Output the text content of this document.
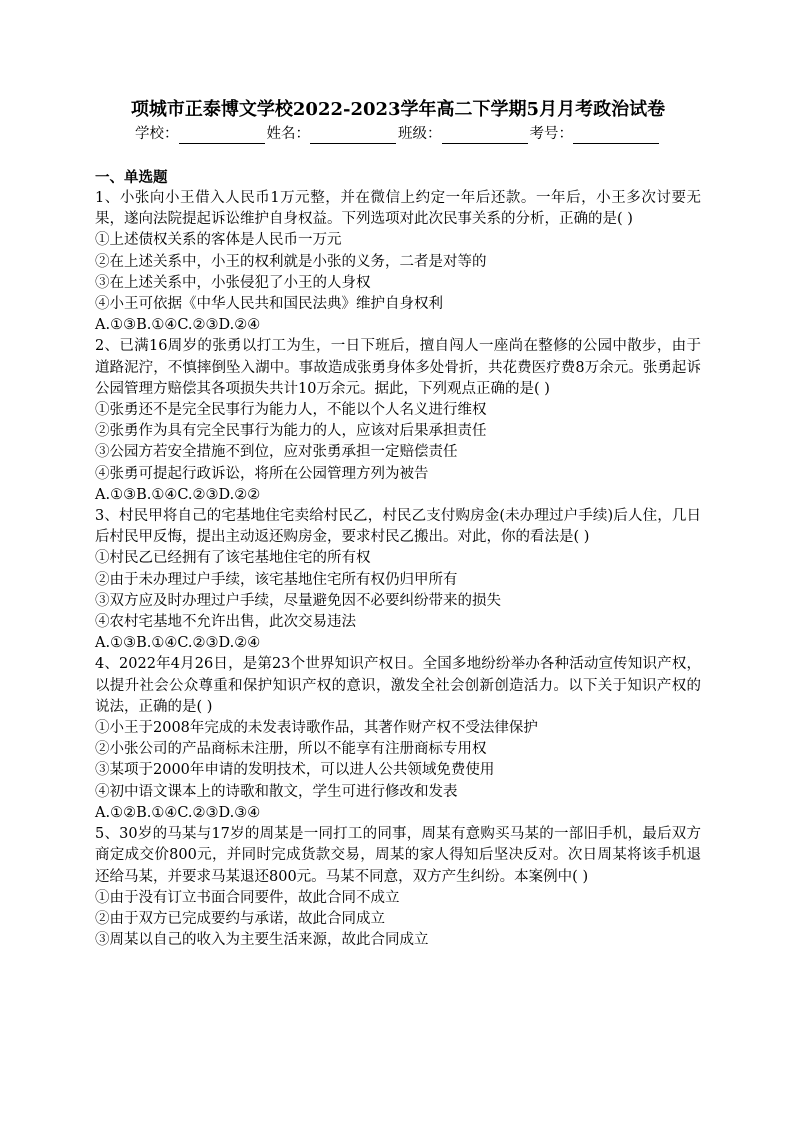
项城市正泰博文学校2022-2023学年高二下学期5月月考政治试卷
学校：	姓名：	班级：	考号：
一、单选题
1、小张向小王借入人民币1万元整，并在微信上约定一年后还款。一年后，小王多次讨要无果，遂向法院提起诉讼维护自身权益。下列选项对此次民事关系的分析，正确的是( )
①上述债权关系的客体是人民币一万元
②在上述关系中，小王的权利就是小张的义务，二者是对等的
③在上述关系中，小张侵犯了小王的人身权
④小王可依据《中华人民共和国民法典》维护自身权利
A.①③B.①④C.②③D.②④
2、已满16周岁的张勇以打工为生，一日下班后，擅自闯人一座尚在整修的公园中散步，由于道路泥泞，不慎摔倒坠入湖中。事故造成张勇身体多处骨折，共花费医疗费8万余元。张勇起诉公园管理方赔偿其各项损失共计10万余元。据此，下列观点正确的是( )
①张勇还不是完全民事行为能力人，不能以个人名义进行维权
②张勇作为具有完全民事行为能力的人，应该对后果承担责任
③公园方若安全措施不到位，应对张勇承担一定赔偿责任
④张勇可提起行政诉讼，将所在公园管理方列为被告
A.①③B.①④C.②③D.②②
3、村民甲将自己的宅基地住宅卖给村民乙，村民乙支付购房金(未办理过户手续)后人住，几日后村民甲反悔，提出主动返还购房金，要求村民乙搬出。对此，你的看法是( )
①村民乙已经拥有了该宅基地住宅的所有权
②由于未办理过户手续，该宅基地住宅所有权仍归甲所有
③双方应及时办理过户手续，尽量避免因不必要纠纷带来的损失
④农村宅基地不允许出售，此次交易违法
A.①③B.①④C.②③D.②④
4、2022年4月26日，是第23个世界知识产权日。全国多地纷纷举办各种活动宣传知识产权，以提升社会公众尊重和保护知识产权的意识，激发全社会创新创造活力。以下关于知识产权的说法，正确的是( )
①小王于2008年完成的未发表诗歌作品，其著作财产权不受法律保护
②小张公司的产品商标未注册，所以不能享有注册商标专用权
③某项于2000年申请的发明技术，可以进人公共领域免费使用
④初中语文课本上的诗歌和散文，学生可进行修改和发表
A.①②B.①④C.②③D.③④
5、30岁的马某与17岁的周某是一同打工的同事，周某有意购买马某的一部旧手机，最后双方商定成交价800元，并同时完成货款交易，周某的家人得知后坚决反对。次日周某将该手机退还给马某，并要求马某退还800元。马某不同意，双方产生纠纷。本案例中( )
①由于没有订立书面合同要件，故此合同不成立
②由于双方已完成要约与承诺，故此合同成立
③周某以自己的收入为主要生活来源，故此合同成立
